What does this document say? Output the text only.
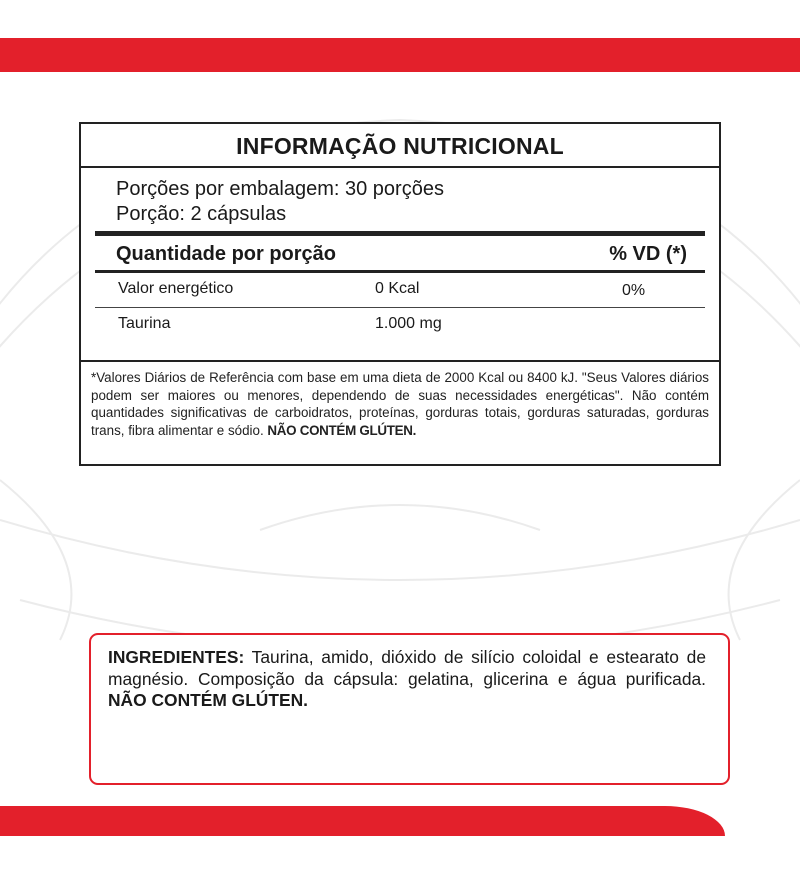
INFORMAÇÃO NUTRICIONAL
Porções por embalagem: 30 porções
Porção: 2 cápsulas
Quantidade por porção	% VD (*)
Valor energético	0 Kcal	0%
Taurina	1.000 mg
*Valores Diários de Referência com base em uma dieta de 2000 Kcal ou 8400 kJ. "Seus Valores diários podem ser maiores ou menores, dependendo de suas necessidades energéticas". Não contém quantidades significativas de carboidratos, proteínas, gorduras totais, gorduras saturadas, gorduras trans, fibra alimentar e sódio. NÃO CONTÉM GLÚTEN.
INGREDIENTES: Taurina, amido, dióxido de silício coloidal e estearato de magnésio. Composição da cápsula: gelatina, glicerina e água purificada. NÃO CONTÉM GLÚTEN.
